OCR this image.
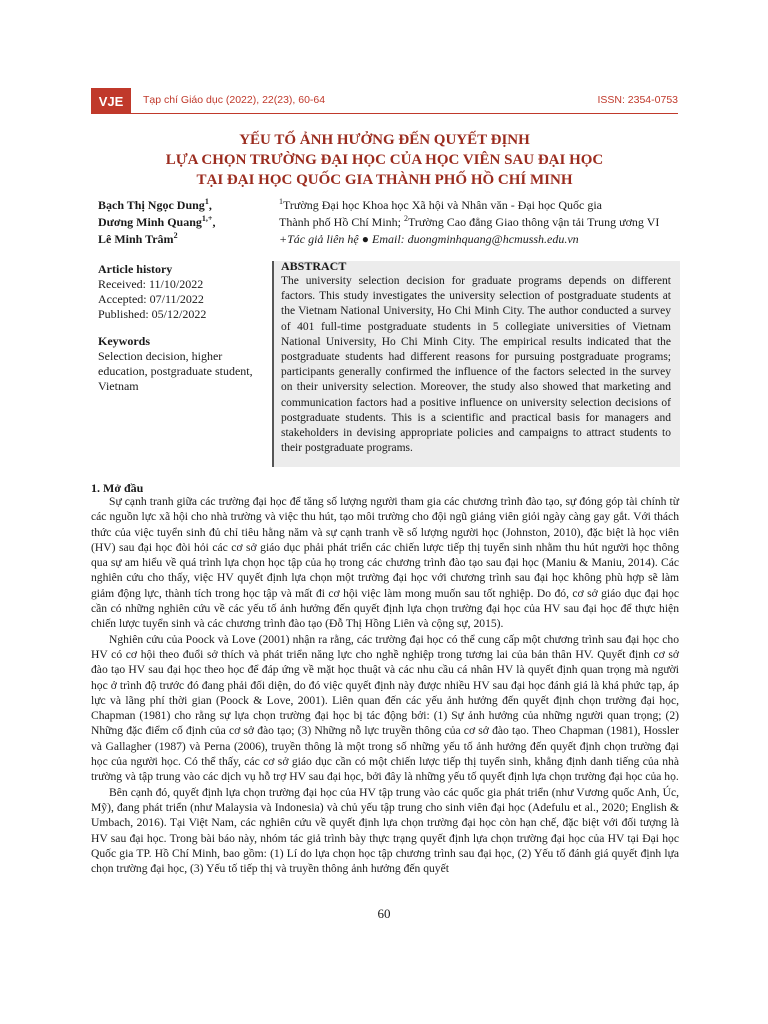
VJE	Tạp chí Giáo dục (2022), 22(23), 60-64	ISSN: 2354-0753
YẾU TỐ ẢNH HƯỞNG ĐẾN QUYẾT ĐỊNH
LỰA CHỌN TRƯỜNG ĐẠI HỌC CỦA HỌC VIÊN SAU ĐẠI HỌC
TẠI ĐẠI HỌC QUỐC GIA THÀNH PHỐ HỒ CHÍ MINH
Bạch Thị Ngọc Dung$^1$,
Dương Minh Quang$^{1,+}$,
Lê Minh Trâm$^2$
$^1$Trường Đại học Khoa học Xã hội và Nhân văn - Đại học Quốc gia
Thành phố Hồ Chí Minh; $^2$Trường Cao đẳng Giao thông vận tải Trung ương VI
+Tác giả liên hệ ● Email: duongminhquang@hcmussh.edu.vn
Article history
Received: 11/10/2022
Accepted: 07/11/2022
Published: 05/12/2022
Keywords
Selection decision, higher education, postgraduate student, Vietnam
ABSTRACT
The university selection decision for graduate programs depends on different factors. This study investigates the university selection of postgraduate students at the Vietnam National University, Ho Chi Minh City. The author conducted a survey of 401 full-time postgraduate students in 5 collegiate universities of Vietnam National University, Ho Chi Minh City. The empirical results indicated that the postgraduate students had different reasons for pursuing postgraduate programs; participants generally confirmed the influence of the factors selected in the survey on their university selection. Moreover, the study also showed that marketing and communication factors had a positive influence on university selection decisions of postgraduate students. This is a scientific and practical basis for managers and stakeholders in devising appropriate policies and campaigns to attract students to their postgraduate programs.
1. Mở đầu

Sự cạnh tranh giữa các trường đại học để tăng số lượng người tham gia các chương trình đào tạo, sự đóng góp tài chính từ các nguồn lực xã hội cho nhà trường và việc thu hút, tạo môi trường cho đội ngũ giảng viên giỏi ngày càng gay gắt. Với thách thức của việc tuyển sinh đủ chỉ tiêu hằng năm và sự cạnh tranh về số lượng người học (Johnston, 2010), đặc biệt là học viên (HV) sau đại học đòi hỏi các cơ sở giáo dục phải phát triển các chiến lược tiếp thị tuyển sinh nhằm thu hút người học thông qua sự am hiểu về quá trình lựa chọn học tập của họ trong các chương trình đào tạo sau đại học (Maniu & Maniu, 2014). Các nghiên cứu cho thấy, việc HV quyết định lựa chọn một trường đại học với chương trình sau đại học không phù hợp sẽ làm giảm động lực, thành tích trong học tập và mất đi cơ hội việc làm mong muốn sau tốt nghiệp. Do đó, cơ sở giáo dục đại học cần có những nghiên cứu về các yếu tố ảnh hưởng đến quyết định lựa chọn trường đại học của HV sau đại học để thực hiện chiến lược tuyển sinh và các chương trình đào tạo (Đỗ Thị Hồng Liên và cộng sự, 2015).

Nghiên cứu của Poock và Love (2001) nhận ra rằng, các trường đại học có thể cung cấp một chương trình sau đại học cho HV có cơ hội theo đuổi sở thích và phát triển năng lực cho nghề nghiệp trong tương lai của bản thân HV. Quyết định cơ sở đào tạo HV sau đại học theo học để đáp ứng về mặt học thuật và các nhu cầu cá nhân HV là quyết định quan trọng mà người học ở trình độ trước đó đang phải đối diện, do đó việc quyết định này được nhiều HV sau đại học đánh giá là khá phức tạp, áp lực và lãng phí thời gian (Poock & Love, 2001). Liên quan đến các yếu ảnh hưởng đến quyết định chọn trường đại học, Chapman (1981) cho rằng sự lựa chọn trường đại học bị tác động bởi: (1) Sự ảnh hưởng của những người quan trọng; (2) Những đặc điểm cố định của cơ sở đào tạo; (3) Những nỗ lực truyền thông của cơ sở đào tạo. Theo Chapman (1981), Hossler và Gallagher (1987) và Perna (2006), truyền thông là một trong số những yếu tố ảnh hưởng đến quyết định chọn trường đại học của người học. Có thể thấy, các cơ sở giáo dục cần có một chiến lược tiếp thị tuyển sinh, khẳng định danh tiếng của nhà trường và tập trung vào các dịch vụ hỗ trợ HV sau đại học, bởi đây là những yếu tố quyết định lựa chọn trường đại học của họ.

Bên cạnh đó, quyết định lựa chọn trường đại học của HV tập trung vào các quốc gia phát triển (như Vương quốc Anh, Úc, Mỹ), đang phát triển (như Malaysia và Indonesia) và chủ yếu tập trung cho sinh viên đại học (Adefulu et al., 2020; English & Umbach, 2016). Tại Việt Nam, các nghiên cứu về quyết định lựa chọn trường đại học còn hạn chế, đặc biệt với đối tượng là HV sau đại học. Trong bài báo này, nhóm tác giả trình bày thực trạng quyết định lựa chọn trường đại học của HV tại Đại học Quốc gia TP. Hồ Chí Minh, bao gồm: (1) Lí do lựa chọn học tập chương trình sau đại học, (2) Yếu tố đánh giá quyết định lựa chọn trường đại học, (3) Yếu tố tiếp thị và truyền thông ảnh hưởng đến quyết

60
